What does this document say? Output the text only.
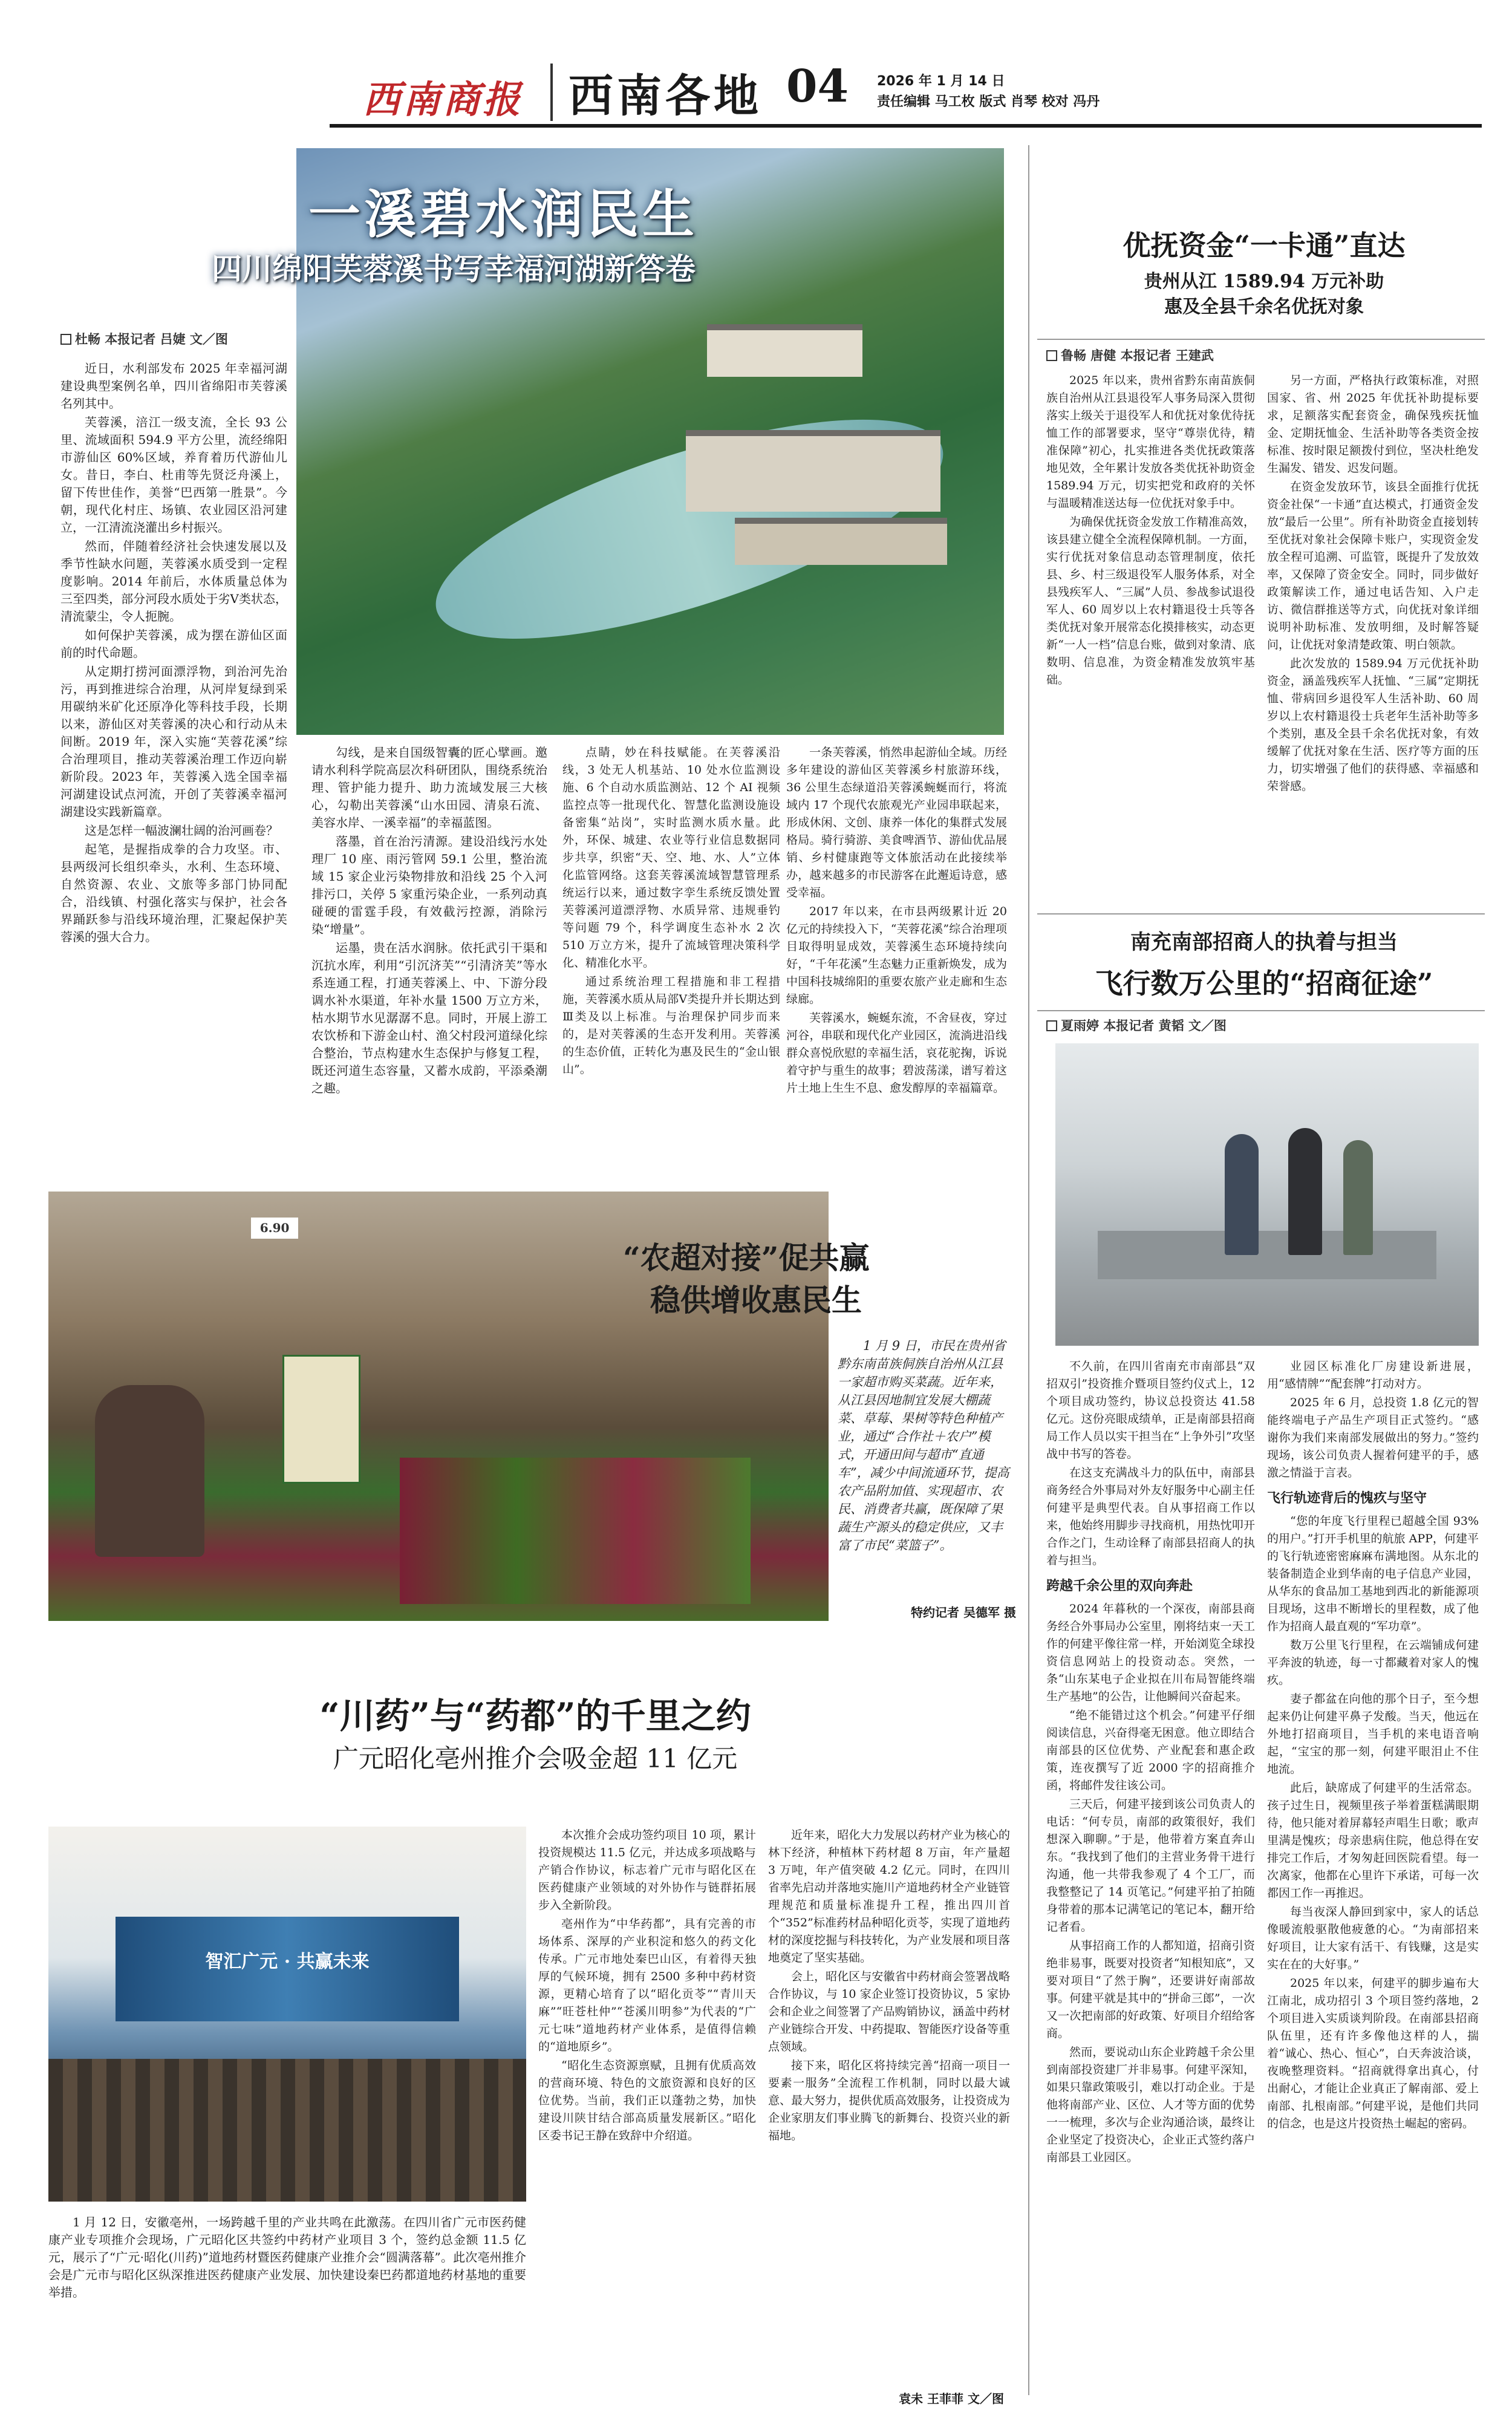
西南商报	西南各地 04 2026 年 1 月 14 日
责任编辑 马工枚 版式 肖琴 校对 冯丹
一溪碧水润民生
四川绵阳芙蓉溪书写幸福河湖新答卷
杜畅 本报记者 吕婕 文／图

近日，水利部发布 2025 年幸福河湖建设典型案例名单，四川省绵阳市芙蓉溪名列其中。

芙蓉溪，涪江一级支流，全长 93 公里、流域面积 594.9 平方公里，流经绵阳市游仙区 60%区域，养育着历代游仙儿女。昔日，李白、杜甫等先贤泛舟溪上，留下传世佳作，美誉“巴西第一胜景”。今朝，现代化村庄、场镇、农业园区沿河建立，一江清流浇灌出乡村振兴。

然而，伴随着经济社会快速发展以及季节性缺水问题，芙蓉溪水质受到一定程度影响。2014 年前后，水体质量总体为三至四类，部分河段水质处于劣Ⅴ类状态，清流蒙尘，令人扼腕。

如何保护芙蓉溪，成为摆在游仙区面前的时代命题。

从定期打捞河面漂浮物，到治河先治污，再到推进综合治理，从河岸复绿到采用碳纳米矿化还原净化等科技手段，长期以来，游仙区对芙蓉溪的决心和行动从未间断。2019 年，深入实施“芙蓉花溪”综合治理项目，推动芙蓉溪治理工作迈向崭新阶段。2023 年，芙蓉溪入选全国幸福河湖建设试点河流，开创了芙蓉溪幸福河湖建设实践新篇章。

这是怎样一幅波澜壮阔的治河画卷？

起笔，是握指成拳的合力攻坚。市、县两级河长组织牵头，水利、生态环境、自然资源、农业、文旅等多部门协同配合，沿线镇、村强化落实与保护，社会各界踊跃参与沿线环境治理，汇聚起保护芙蓉溪的强大合力。

勾线，是来自国级智囊的匠心擘画。邀请水利科学院高层次科研团队，围绕系统治理、管护能力提升、助力流域发展三大核心，勾勒出芙蓉溪“山水田园、清泉石流、美容水岸、一溪幸福”的幸福蓝图。

落墨，首在治污清源。建设沿线污水处理厂 10 座、雨污管网 59.1 公里，整治流域 15 家企业污染物排放和沿线 25 个入河排污口，关停 5 家重污染企业，一系列动真碰硬的雷霆手段，有效截污控源，消除污染“增量”。

运墨，贵在活水润脉。依托武引干渠和沉抗水库，利用“引沉济芙”“引清济芙”等水系连通工程，打通芙蓉溪上、中、下游分段调水补水渠道，年补水量 1500 万立方米，枯水期节水见潺潺不息。同时，开展上游工农饮桥和下游金山村、渔父村段河道绿化综合整治，节点构建水生态保护与修复工程，既还河道生态容量，又蓄水成韵，平添桑潮之趣。

点睛，妙在科技赋能。在芙蓉溪沿线，3 处无人机基站、10 处水位监测设施、6 个自动水质监测站、12 个 AI 视频监控点等一批现代化、智慧化监测设施设备密集“站岗”，实时监测水质水量。此外，环保、城建、农业等行业信息数据同步共享，织密“天、空、地、水、人”立体化监管网络。这套芙蓉溪流域智慧管理系统运行以来，通过数字孪生系统反馈处置芙蓉溪河道漂浮物、水质异常、违规垂钓等问题 79 个，科学调度生态补水 2 次 510 万立方米，提升了流域管理决策科学化、精准化水平。

通过系统治理工程措施和非工程措施，芙蓉溪水质从局部Ⅴ类提升并长期达到Ⅲ类及以上标准。与治理保护同步而来的，是对芙蓉溪的生态开发利用。芙蓉溪的生态价值，正转化为惠及民生的“金山银山”。

一条芙蓉溪，悄然串起游仙全域。历经多年建设的游仙区芙蓉溪乡村旅游环线，36 公里生态绿道沿芙蓉溪蜿蜒而行，将流域内 17 个现代农旅观光产业园串联起来，形成休闲、文创、康养一体化的集群式发展格局。骑行骑游、美食啤酒节、游仙优品展销、乡村健康跑等文体旅活动在此接续举办，越来越多的市民游客在此邂逅诗意，感受幸福。

2017 年以来，在市县两级累计近 20 亿元的持续投入下，“芙蓉花溪”综合治理项目取得明显成效，芙蓉溪生态环境持续向好，“千年花溪”生态魅力正重新焕发，成为中国科技城绵阳的重要农旅产业走廊和生态绿廊。

芙蓉溪水，蜿蜒东流，不舍昼夜，穿过河谷，串联和现代化产业园区，流淌进沿线群众喜悦欣慰的幸福生活，哀花驼掬，诉说着守护与重生的故事；碧波荡漾，谱写着这片土地上生生不息、愈发醇厚的幸福篇章。

优抚资金“一卡通”直达
贵州从江 1589.94 万元补助
惠及全县千余名优抚对象
鲁畅 唐健 本报记者 王建武

2025 年以来，贵州省黔东南苗族侗族自治州从江县退役军人事务局深入贯彻落实上级关于退役军人和优抚对象优待抚恤工作的部署要求，坚守“尊崇优待，精准保障”初心，扎实推进各类优抚政策落地见效，全年累计发放各类优抚补助资金 1589.94 万元，切实把党和政府的关怀与温暖精准送达每一位优抚对象手中。

为确保优抚资金发放工作精准高效，该县建立健全全流程保障机制。一方面，实行优抚对象信息动态管理制度，依托县、乡、村三级退役军人服务体系，对全县残疾军人、“三属”人员、参战参试退役军人、60 周岁以上农村籍退役士兵等各类优抚对象开展常态化摸排核实，动态更新“一人一档”信息台账，做到对象清、底数明、信息准，为资金精准发放筑牢基础。

另一方面，严格执行政策标准，对照国家、省、州 2025 年优抚补助提标要求，足额落实配套资金，确保残疾抚恤金、定期抚恤金、生活补助等各类资金按标准、按时限足额拨付到位，坚决杜绝发生漏发、错发、迟发问题。

在资金发放环节，该县全面推行优抚资金社保“一卡通”直达模式，打通资金发放“最后一公里”。所有补助资金直接划转至优抚对象社会保障卡账户，实现资金发放全程可追溯、可监管，既提升了发放效率，又保障了资金安全。同时，同步做好政策解读工作，通过电话告知、入户走访、微信群推送等方式，向优抚对象详细说明补助标准、发放明细，及时解答疑问，让优抚对象清楚政策、明白领款。

此次发放的 1589.94 万元优抚补助资金，涵盖残疾军人抚恤、“三属”定期抚恤、带病回乡退役军人生活补助、60 周岁以上农村籍退役士兵老年生活补助等多个类别，惠及全县千余名优抚对象，有效缓解了优抚对象在生活、医疗等方面的压力，切实增强了他们的获得感、幸福感和荣誉感。

南充南部招商人的执着与担当
飞行数万公里的“招商征途”
夏雨婷 本报记者 黄韬 文／图

不久前，在四川省南充市南部县“双招双引”投资推介暨项目签约仪式上，12 个项目成功签约，协议总投资达 41.58 亿元。这份亮眼成绩单，正是南部县招商局工作人员以实干担当在“上争外引”攻坚战中书写的答卷。

在这支充满战斗力的队伍中，南部县商务经合外事局对外友好服务中心副主任何建平是典型代表。自从事招商工作以来，他始终用脚步寻找商机，用热忱叩开合作之门，生动诠释了南部县招商人的执着与担当。

跨越千余公里的双向奔赴

2024 年暮秋的一个深夜，南部县商务经合外事局办公室里，刚将结束一天工作的何建平像往常一样，开始浏览全球投资信息网站上的投资动态。突然，一条“山东某电子企业拟在川布局智能终端生产基地”的公告，让他瞬间兴奋起来。

“绝不能错过这个机会。”何建平仔细阅读信息，兴奋得毫无困意。他立即结合南部县的区位优势、产业配套和惠企政策，连夜撰写了近 2000 字的招商推介函，将邮件发往该公司。

三天后，何建平接到该公司负责人的电话：“何专员，南部的政策很好，我们想深入聊聊。”于是，他带着方案直奔山东。“我找到了他们的主营业务骨干进行沟通，他一共带我参观了 4 个工厂，而我整整记了 14 页笔记。”何建平拍了拍随身带着的那本记满笔记的笔记本，翻开给记者看。

从事招商工作的人都知道，招商引资绝非易事，既要对投资者“知根知底”，又要对项目“了然于胸”，还要讲好南部故事。何建平就是其中的“拼命三郎”，一次又一次把南部的好政策、好项目介绍给客商。

然而，要说动山东企业跨越千余公里到南部投资建厂并非易事。何建平深知，如果只靠政策吸引，难以打动企业。于是他将南部产业、区位、人才等方面的优势一一梳理，多次与企业沟通洽谈，最终让企业坚定了投资决心，企业正式签约落户南部县工业园区。

业园区标准化厂房建设新进展，用“感情牌”“配套牌”打动对方。

2025 年 6 月，总投资 1.8 亿元的智能终端电子产品生产项目正式签约。“感谢你为我们来南部发展做出的努力。”签约现场，该公司负责人握着何建平的手，感激之情溢于言表。

飞行轨迹背后的愧疚与坚守

“您的年度飞行里程已超越全国 93%的用户。”打开手机里的航旅 APP，何建平的飞行轨迹密密麻麻布满地图。从东北的装备制造企业到华南的电子信息产业园，从华东的食品加工基地到西北的新能源项目现场，这串不断增长的里程数，成了他作为招商人最直观的“军功章”。

数万公里飞行里程，在云端铺成何建平奔波的轨迹，每一寸都藏着对家人的愧疚。

妻子都盆在向他的那个日子，至今想起来仍让何建平鼻子发酸。当天，他远在外地打招商项目，当手机的来电语音响起，“宝宝的那一刻，何建平眼泪止不住地流。

此后，缺席成了何建平的生活常态。孩子过生日，视频里孩子举着蛋糕满眼期待，他只能对着屏幕轻声唱生日歌；歌声里满是愧疚；母亲患病住院，他总得在安排完工作后，才匆匆赶回医院看望。每一次离家，他都在心里许下承诺，可每一次都因工作一再推迟。

每当夜深人静回到家中，家人的话总像暖流般驱散他疲惫的心。“为南部招来好项目，让大家有活干、有钱赚，这是实实在在的大好事。”

2025 年以来，何建平的脚步遍布大江南北，成功招引 3 个项目签约落地，2 个项目进入实质谈判阶段。在南部县招商队伍里，还有许多像他这样的人，揣着“诚心、热心、恒心”，白天奔波洽谈，夜晚整理资料。“招商就得拿出真心，付出耐心，才能让企业真正了解南部、爱上南部、扎根南部。”何建平说，是他们共同的信念，也是这片投资热土崛起的密码。

6.90
“农超对接”促共赢
稳供增收惠民生
1 月 9 日，市民在贵州省黔东南苗族侗族自治州从江县一家超市购买菜蔬。近年来，从江县因地制宜发展大棚蔬菜、草莓、果树等特色种植产业，通过“合作社＋农户”模式，开通田间与超市“直通车”，减少中间流通环节，提高农产品附加值、实现超市、农民、消费者共赢，既保障了果蔬生产源头的稳定供应，又丰富了市民“菜篮子”。
特约记者 吴德军 摄
“川药”与“药都”的千里之约
广元昭化亳州推介会吸金超 11 亿元
智汇广元 · 共赢未来

1 月 12 日，安徽亳州，一场跨越千里的产业共鸣在此激荡。在四川省广元市医药健康产业专项推介会现场，广元昭化区共签约中药材产业项目 3 个，签约总金额 11.5 亿元，展示了“广元·昭化(川药)”道地药材暨医药健康产业推介会“圆满落幕”。此次亳州推介会是广元市与昭化区纵深推进医药健康产业发展、加快建设秦巴药都道地药材基地的重要举措。

本次推介会成功签约项目 10 项，累计投资规模达 11.5 亿元，并达成多项战略与产销合作协议，标志着广元市与昭化区在医药健康产业领域的对外协作与链群拓展步入全新阶段。

亳州作为“中华药都”，具有完善的市场体系、深厚的产业积淀和悠久的药文化传承。广元市地处秦巴山区，有着得天独厚的气候环境，拥有 2500 多种中药材资源，更精心培育了以“昭化贡苓”“青川天麻”“旺苍杜仲”“苍溪川明参”为代表的“广元七味”道地药材产业体系，是值得信赖的“道地原乡”。

“昭化生态资源禀赋，且拥有优质高效的营商环境、特色的文旅资源和良好的区位优势。当前，我们正以蓬勃之势，加快建设川陕甘结合部高质量发展新区。”昭化区委书记王静在致辞中介绍道。

近年来，昭化大力发展以药材产业为核心的林下经济，种植林下药材超 8 万亩，年产量超 3 万吨，年产值突破 4.2 亿元。同时，在四川省率先启动并落地实施川产道地药材全产业链管理规范和质量标准提升工程，推出四川首个“352”标准药材品种昭化贡苓，实现了道地药材的深度挖掘与科技转化，为产业发展和项目落地奠定了坚实基础。

会上，昭化区与安徽省中药材商会签署战略合作协议，与 10 家企业签订投资协议，5 家协会和企业之间签署了产品购销协议，涵盖中药材产业链综合开发、中药提取、智能医疗设备等重点领域。

接下来，昭化区将持续完善“招商一项目一要素一服务”全流程工作机制，同时以最大诚意、最大努力，提供优质高效服务，让投资成为企业家朋友们事业腾飞的新舞台、投资兴业的新福地。

袁未 王菲菲 文／图
